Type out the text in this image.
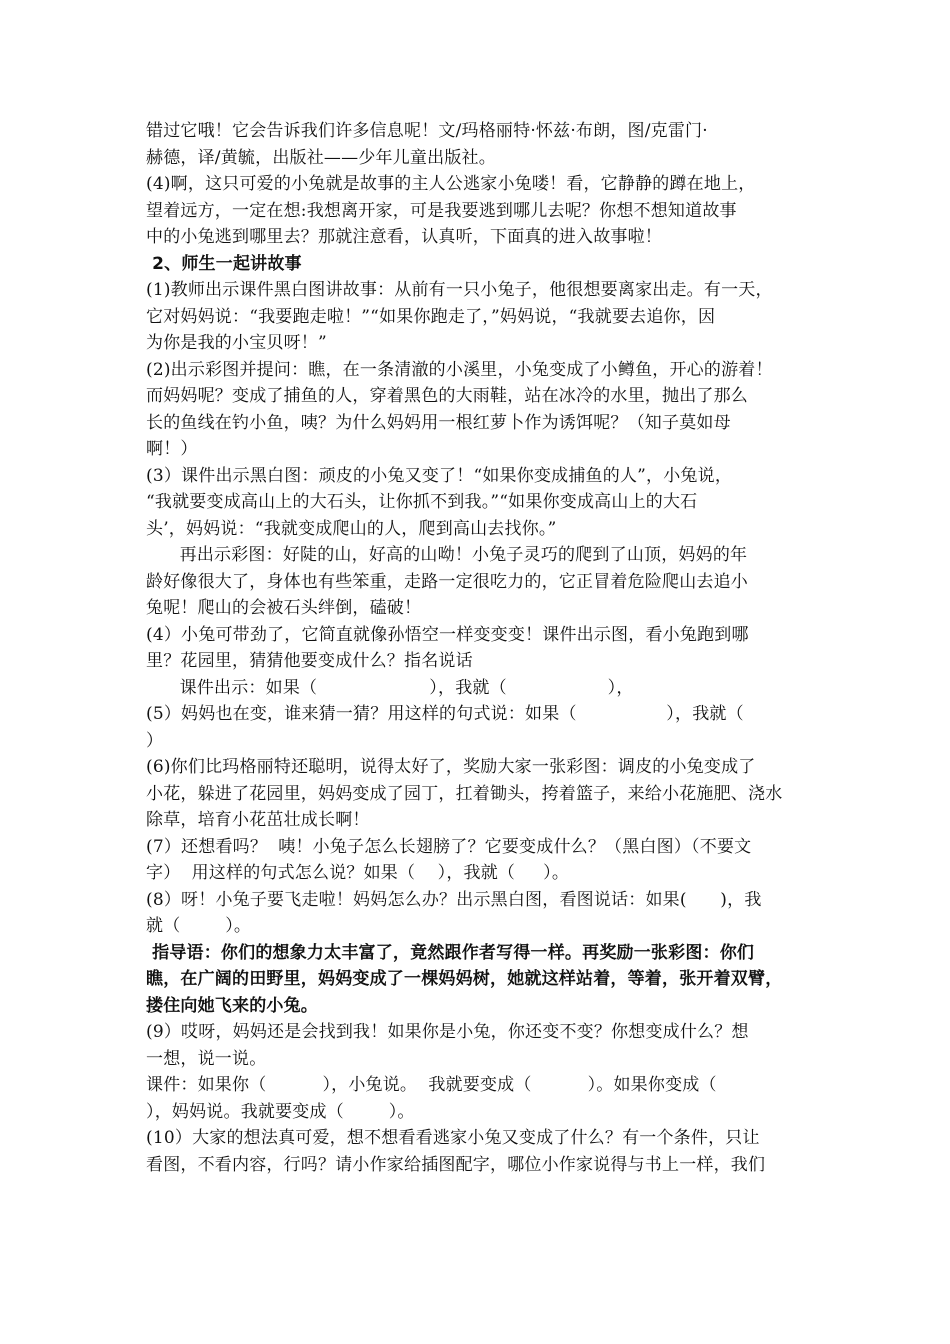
错过它哦！它会告诉我们许多信息呢！文/玛格丽特·怀兹·布朗，图/克雷门·
赫德，译/黄毓，出版社——少年儿童出版社。
(4)啊，这只可爱的小兔就是故事的主人公逃家小兔喽！看，它静静的蹲在地上，
望着远方，一定在想:我想离开家，可是我要逃到哪儿去呢？你想不想知道故事
中的小兔逃到哪里去？那就注意看，认真听，下面真的进入故事啦！
2、师生一起讲故事
(1)教师出示课件黑白图讲故事：从前有一只小兔子，他很想要离家出走。有一天，
它对妈妈说：“我要跑走啦！”“如果你跑走了，”妈妈说，“我就要去追你，因
为你是我的小宝贝呀！”
(2)出示彩图并提问：瞧，在一条清澈的小溪里，小兔变成了小鳟鱼，开心的游着！
而妈妈呢？变成了捕鱼的人，穿着黑色的大雨鞋，站在冰冷的水里，抛出了那么
长的鱼线在钓小鱼，咦？为什么妈妈用一根红萝卜作为诱饵呢？（知子莫如母
啊！）
(3）课件出示黑白图：顽皮的小兔又变了！“如果你变成捕鱼的人”，小兔说，
“我就要变成高山上的大石头，让你抓不到我。”“如果你变成高山上的大石
头’，妈妈说：“我就变成爬山的人，爬到高山去找你。”
再出示彩图：好陡的山，好高的山呦！小兔子灵巧的爬到了山顶，妈妈的年
龄好像很大了，身体也有些笨重，走路一定很吃力的，它正冒着危险爬山去追小
兔呢！爬山的会被石头绊倒，磕破！
(4）小兔可带劲了，它简直就像孙悟空一样变变变！课件出示图，看小兔跑到哪
里？花园里，猜猜他要变成什么？指名说话
课件出示：如果（                    ），我就（                  ），
(5）妈妈也在变，谁来猜一猜？用这样的句式说：如果（                ），我就（
）
(6)你们比玛格丽特还聪明，说得太好了，奖励大家一张彩图：调皮的小兔变成了
小花，躲进了花园里，妈妈变成了园丁，扛着锄头，挎着篮子，来给小花施肥、浇水
除草，培育小花茁壮成长啊！
(7）还想看吗？  咦！小兔子怎么长翅膀了？它要变成什么？（黑白图）（不要文
字）  用这样的句式怎么说？如果（    ），我就（     ）。
(8）呀！小兔子要飞走啦！妈妈怎么办？出示黑白图，看图说话：如果(      )，我
就（        ）。
指导语：你们的想象力太丰富了，竟然跟作者写得一样。再奖励一张彩图：你们
瞧，在广阔的田野里，妈妈变成了一棵妈妈树，她就这样站着，等着，张开着双臂，
搂住向她飞来的小兔。
(9）哎呀，妈妈还是会找到我！如果你是小兔，你还变不变？你想变成什么？想
一想，说一说。
课件：如果你（          ），小兔说。  我就要变成（          ）。如果你变成（
），妈妈说。我就要变成（        ）。
(10）大家的想法真可爱，想不想看看逃家小兔又变成了什么？有一个条件，只让
看图，不看内容，行吗？请小作家给插图配字，哪位小作家说得与书上一样，我们
